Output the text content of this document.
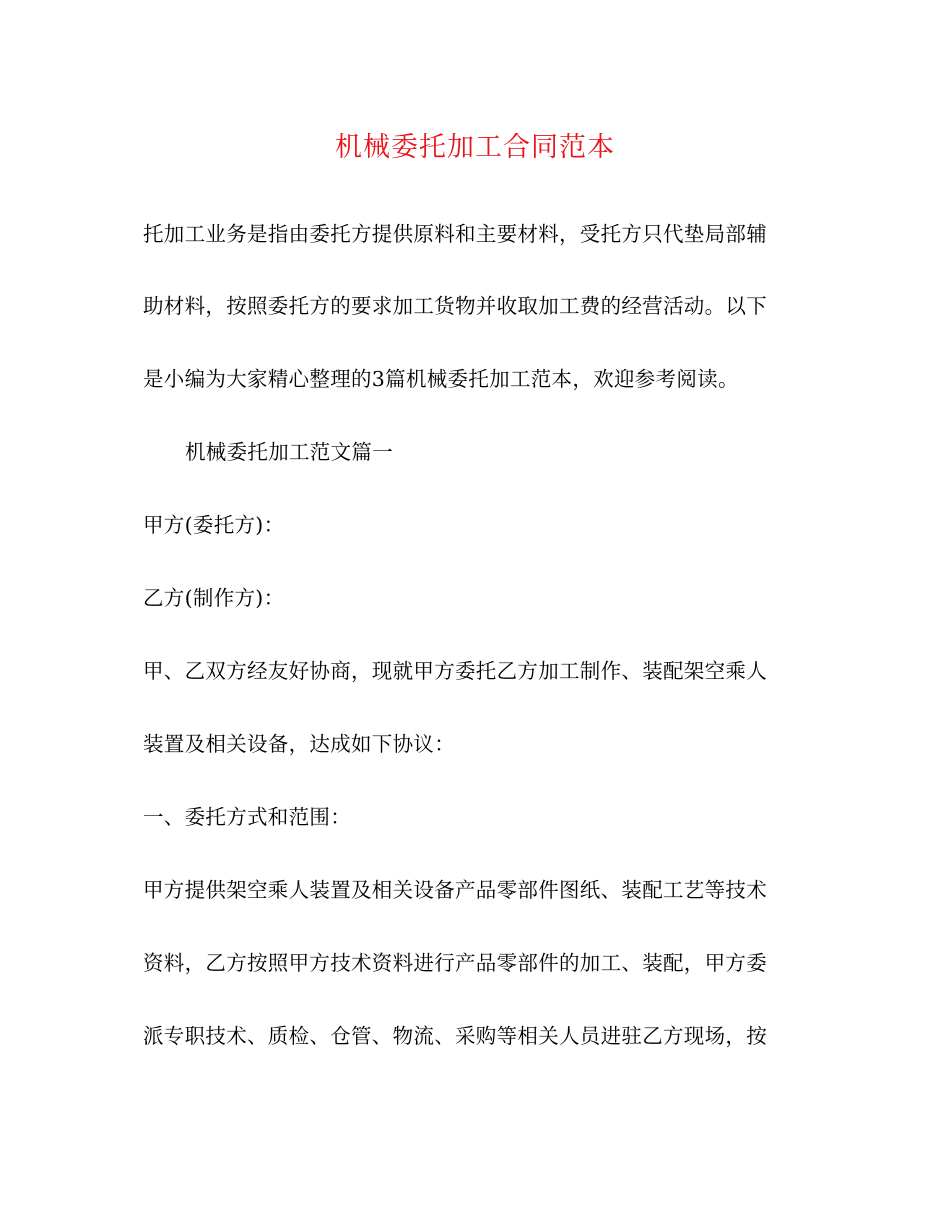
机械委托加工合同范本
托加工业务是指由委托方提供原料和主要材料，受托方只代垫局部辅
助材料，按照委托方的要求加工货物并收取加工费的经营活动。以下
是小编为大家精心整理的3篇机械委托加工范本，欢迎参考阅读。
机械委托加工范文篇一
甲方(委托方)：
乙方(制作方)：
甲、乙双方经友好协商，现就甲方委托乙方加工制作、装配架空乘人
装置及相关设备，达成如下协议：
一、委托方式和范围：
甲方提供架空乘人装置及相关设备产品零部件图纸、装配工艺等技术
资料，乙方按照甲方技术资料进行产品零部件的加工、装配，甲方委
派专职技术、质检、仓管、物流、采购等相关人员进驻乙方现场，按
